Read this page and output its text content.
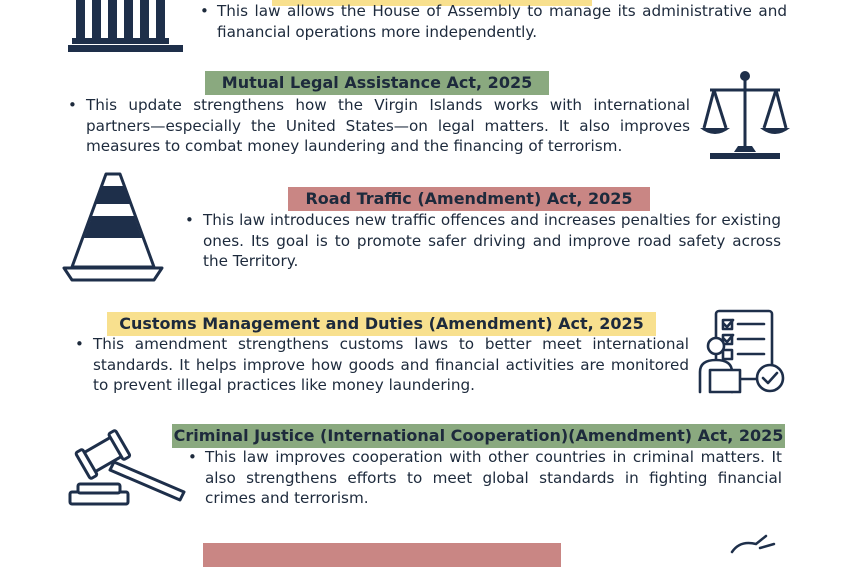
• This law allows the House of Assembly to manage its administrative and fianancial operations more independently.
Mutual Legal Assistance Act, 2025
• This update strengthens how the Virgin Islands works with international partners—especially the United States—on legal matters. It also improves measures to combat money laundering and the financing of terrorism.
Road Traffic (Amendment) Act, 2025
• This law introduces new traffic offences and increases penalties for existing ones. Its goal is to promote safer driving and improve road safety across the Territory.
Customs Management and Duties (Amendment) Act, 2025
• This amendment strengthens customs laws to better meet international standards. It helps improve how goods and financial activities are monitored to prevent illegal practices like money laundering.
Criminal Justice (International Cooperation)(Amendment) Act, 2025
• This law improves cooperation with other countries in criminal matters. It also strengthens efforts to meet global standards in fighting financial crimes and terrorism.
